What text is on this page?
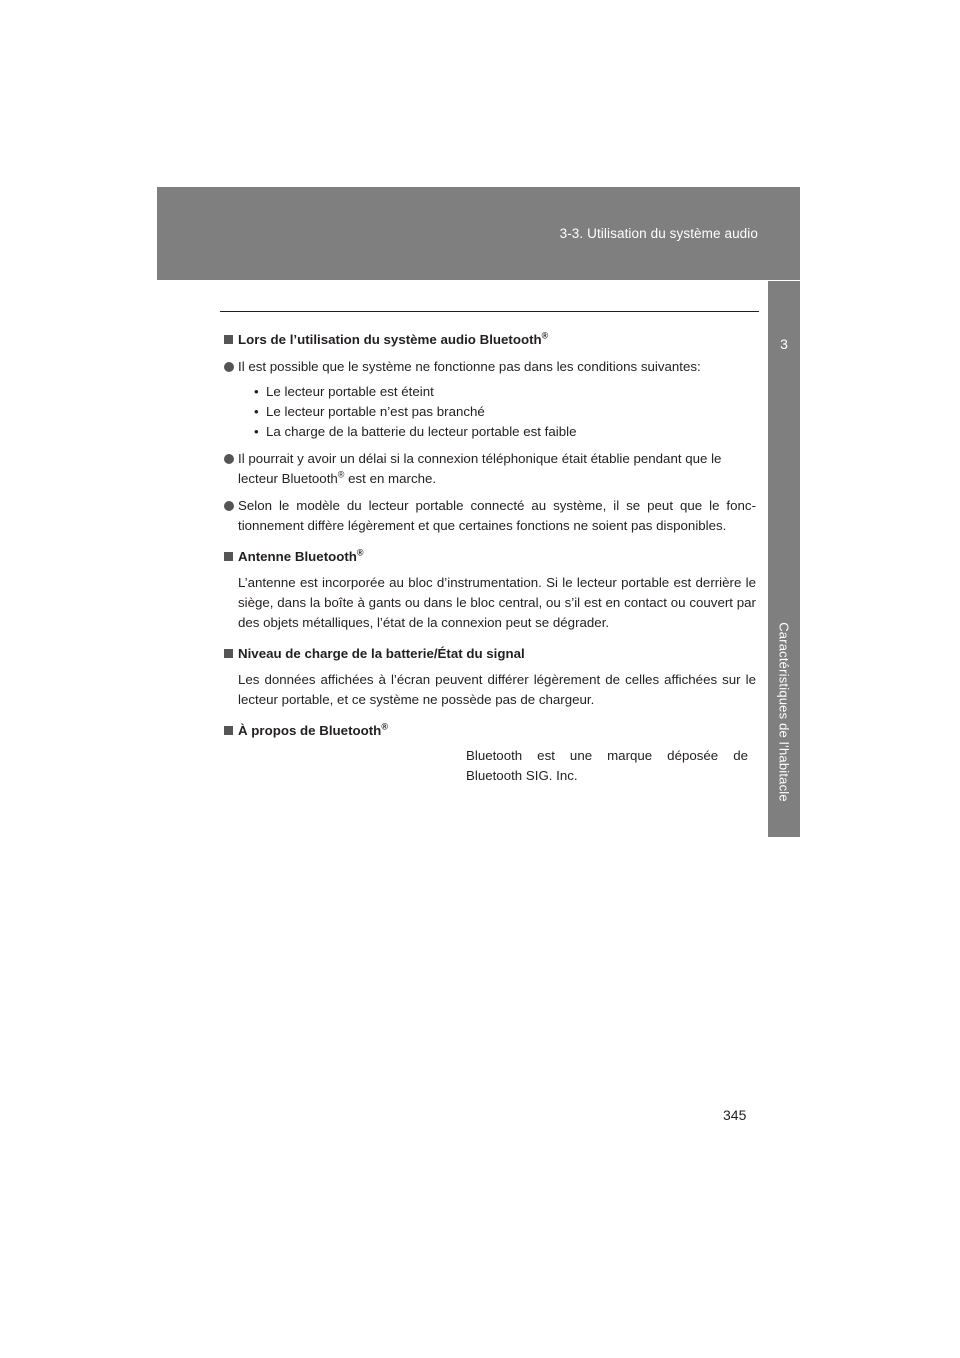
3-3. Utilisation du système audio
3
Caractéristiques de l’habitacle
Lors de l’utilisation du système audio Bluetooth®
Il est possible que le système ne fonctionne pas dans les conditions suivantes:
• Le lecteur portable est éteint
• Le lecteur portable n’est pas branché
• La charge de la batterie du lecteur portable est faible
Il pourrait y avoir un délai si la connexion téléphonique était établie pendant que le lecteur Bluetooth® est en marche.
Selon le modèle du lecteur portable connecté au système, il se peut que le fonctionnement diffère légèrement et que certaines fonctions ne soient pas disponibles.
Antenne Bluetooth®
L’antenne est incorporée au bloc d’instrumentation. Si le lecteur portable est derrière le siège, dans la boîte à gants ou dans le bloc central, ou s’il est en contact ou couvert par des objets métalliques, l’état de la connexion peut se dégrader.
Niveau de charge de la batterie/État du signal
Les données affichées à l’écran peuvent différer légèrement de celles affichées sur le lecteur portable, et ce système ne possède pas de chargeur.
À propos de Bluetooth®
Bluetooth est une marque déposée de Bluetooth SIG. Inc.
345
